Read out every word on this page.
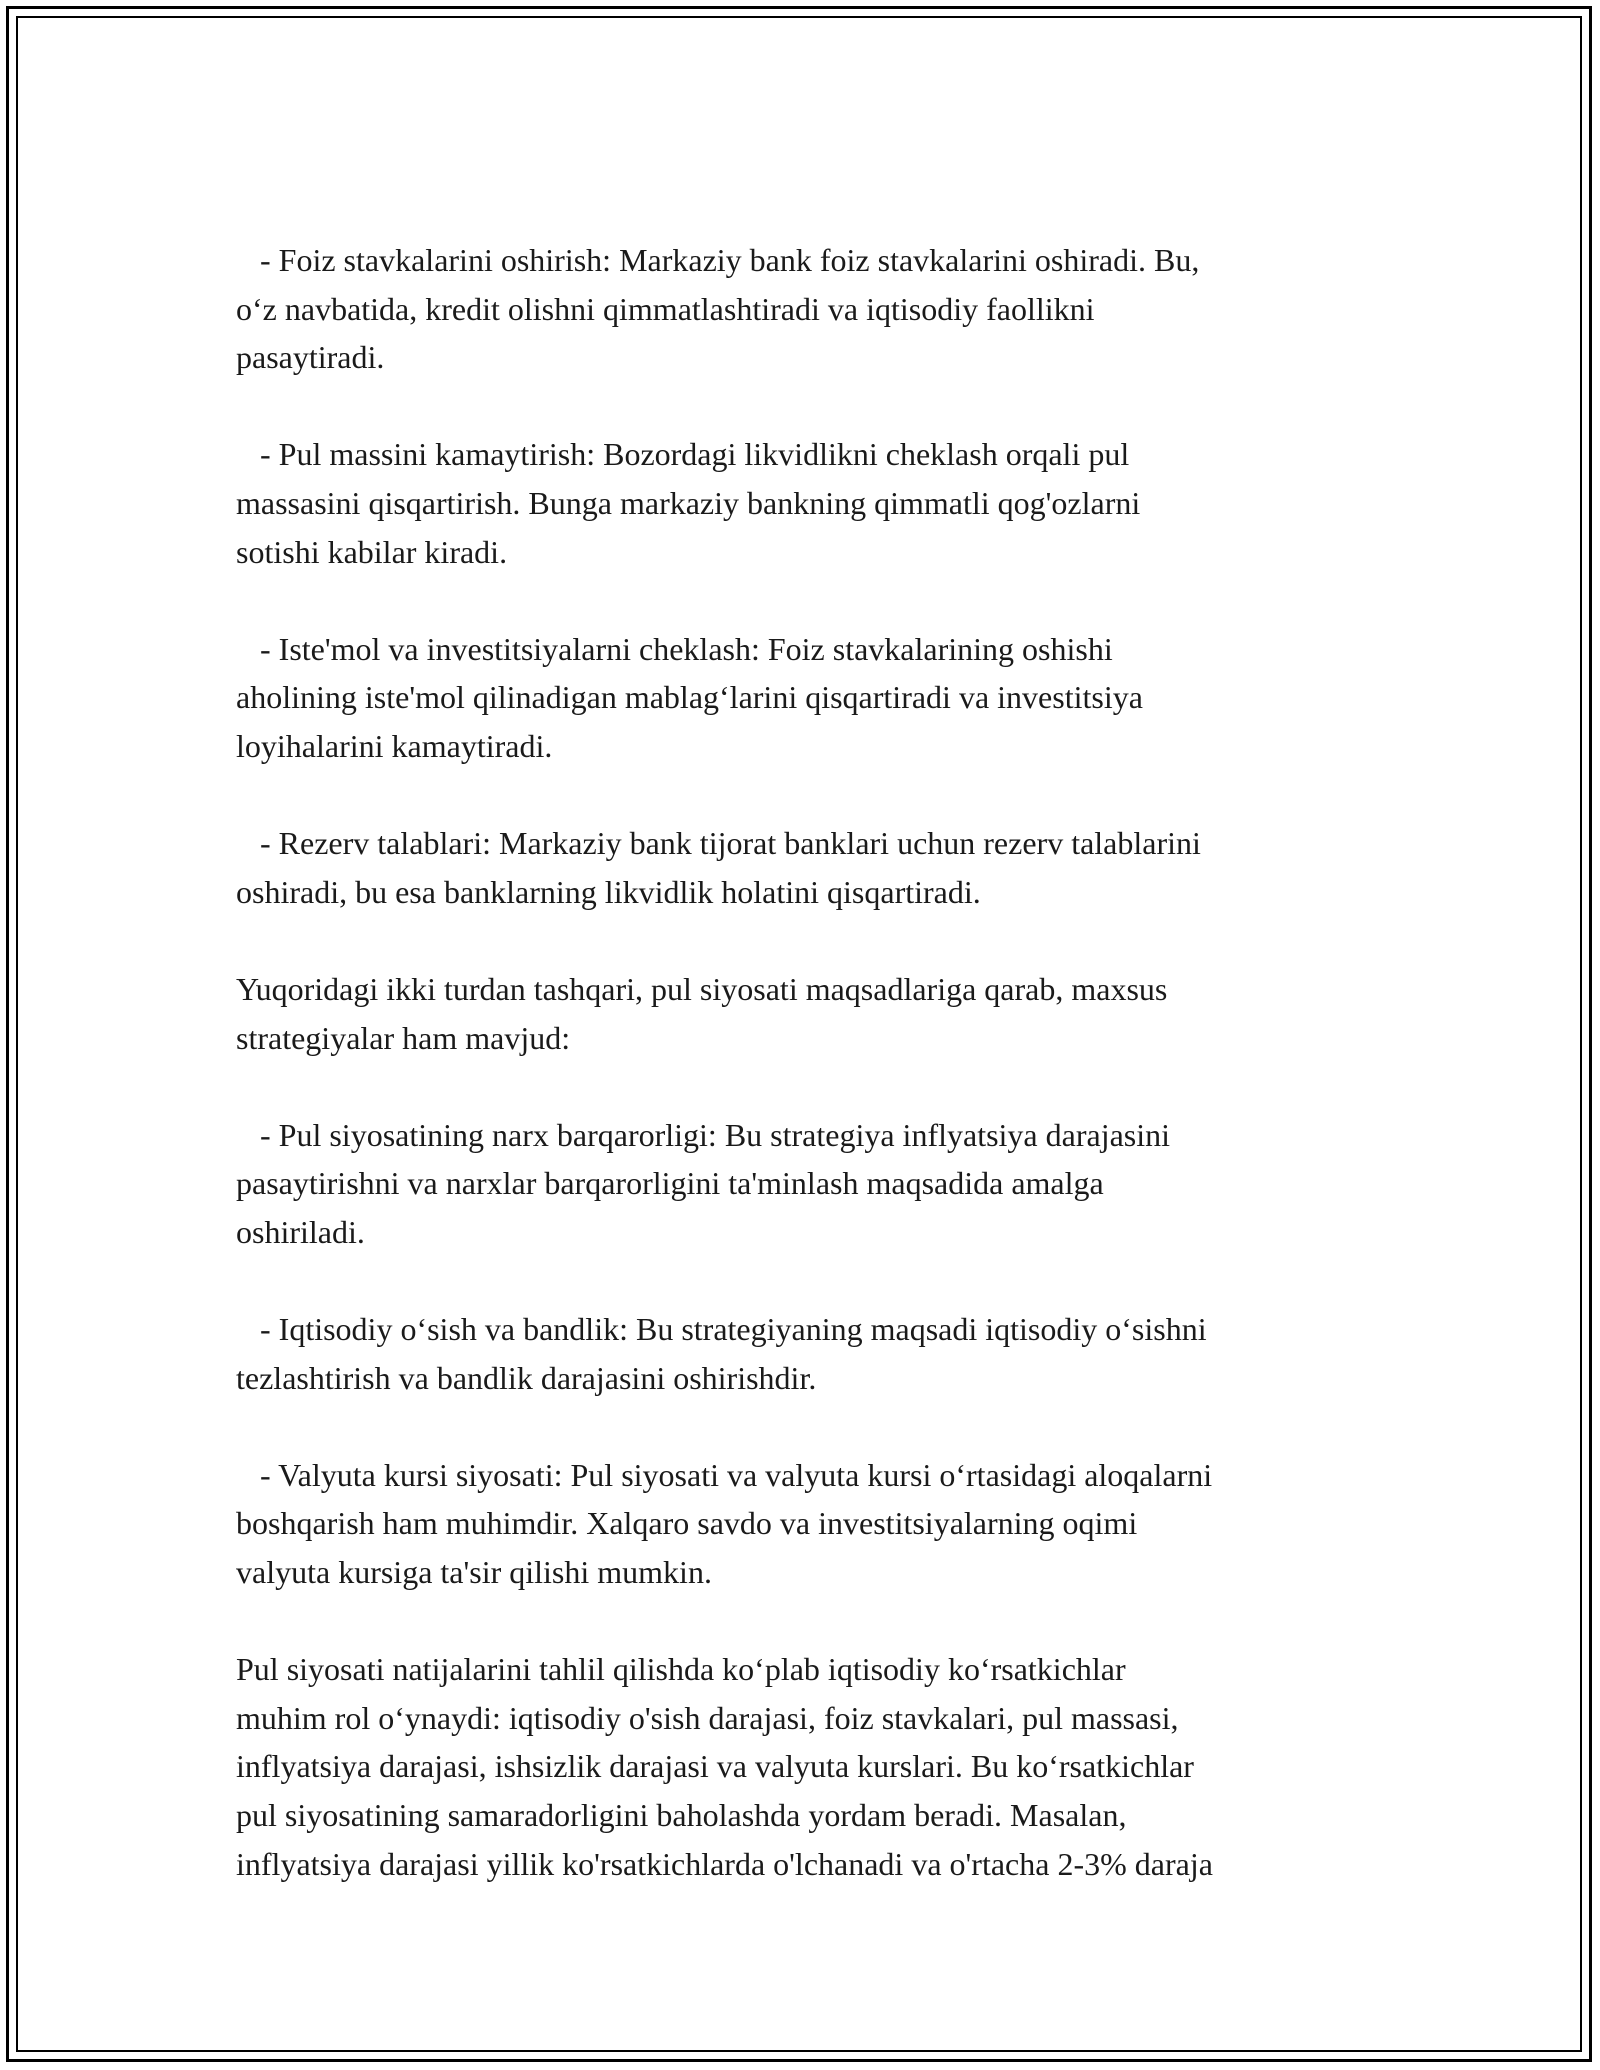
- Foiz stavkalarini oshirish: Markaziy bank foiz stavkalarini oshiradi. Bu,
o‘z navbatida, kredit olishni qimmatlashtiradi va iqtisodiy faollikni
pasaytiradi.

- Pul massini kamaytirish: Bozordagi likvidlikni cheklash orqali pul
massasini qisqartirish. Bunga markaziy bankning qimmatli qog'ozlarni
sotishi kabilar kiradi.

- Iste'mol va investitsiyalarni cheklash: Foiz stavkalarining oshishi
aholining iste'mol qilinadigan mablag‘larini qisqartiradi va investitsiya
loyihalarini kamaytiradi.

- Rezerv talablari: Markaziy bank tijorat banklari uchun rezerv talablarini
oshiradi, bu esa banklarning likvidlik holatini qisqartiradi.

Yuqoridagi ikki turdan tashqari, pul siyosati maqsadlariga qarab, maxsus
strategiyalar ham mavjud:

- Pul siyosatining narx barqarorligi: Bu strategiya inflyatsiya darajasini
pasaytirishni va narxlar barqarorligini ta'minlash maqsadida amalga
oshiriladi.

- Iqtisodiy o‘sish va bandlik: Bu strategiyaning maqsadi iqtisodiy o‘sishni
tezlashtirish va bandlik darajasini oshirishdir.

- Valyuta kursi siyosati: Pul siyosati va valyuta kursi o‘rtasidagi aloqalarni
boshqarish ham muhimdir. Xalqaro savdo va investitsiyalarning oqimi
valyuta kursiga ta'sir qilishi mumkin.

Pul siyosati natijalarini tahlil qilishda ko‘plab iqtisodiy ko‘rsatkichlar
muhim rol o‘ynaydi: iqtisodiy o'sish darajasi, foiz stavkalari, pul massasi,
inflyatsiya darajasi, ishsizlik darajasi va valyuta kurslari. Bu ko‘rsatkichlar
pul siyosatining samaradorligini baholashda yordam beradi. Masalan,
inflyatsiya darajasi yillik ko'rsatkichlarda o'lchanadi va o'rtacha 2-3% daraja
